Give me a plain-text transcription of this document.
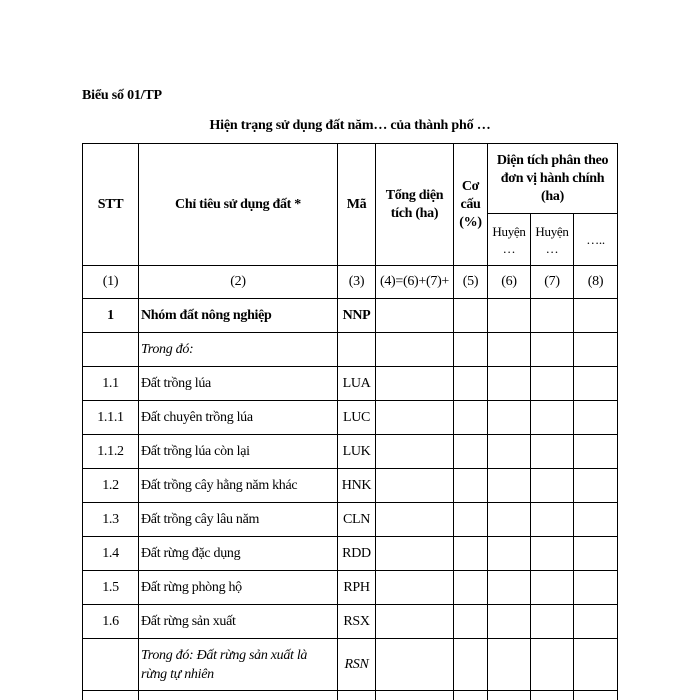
Biểu số 01/TP
Hiện trạng sử dụng đất năm… của thành phố …
STT	Chỉ tiêu sử dụng đất *	Mã	Tổng diện tích (ha)	Cơ cấu (%)	Diện tích phân theo đơn vị hành chính (ha)		
					Huyện …	Huyện …	…..
(1)	(2)	(3)	(4)=(6)+(7)+	(5)	(6)	(7)	(8)
1	Nhóm đất nông nghiệp	NNP					
	Trong đó:						
1.1	Đất trồng lúa	LUA					
1.1.1	Đất chuyên trồng lúa	LUC					
1.1.2	Đất trồng lúa còn lại	LUK					
1.2	Đất trồng cây hằng năm khác	HNK					
1.3	Đất trồng cây lâu năm	CLN					
1.4	Đất rừng đặc dụng	RDD					
1.5	Đất rừng phòng hộ	RPH					
1.6	Đất rừng sản xuất	RSX					
	Trong đó: Đất rừng sản xuất là rừng tự nhiên	RSN					
